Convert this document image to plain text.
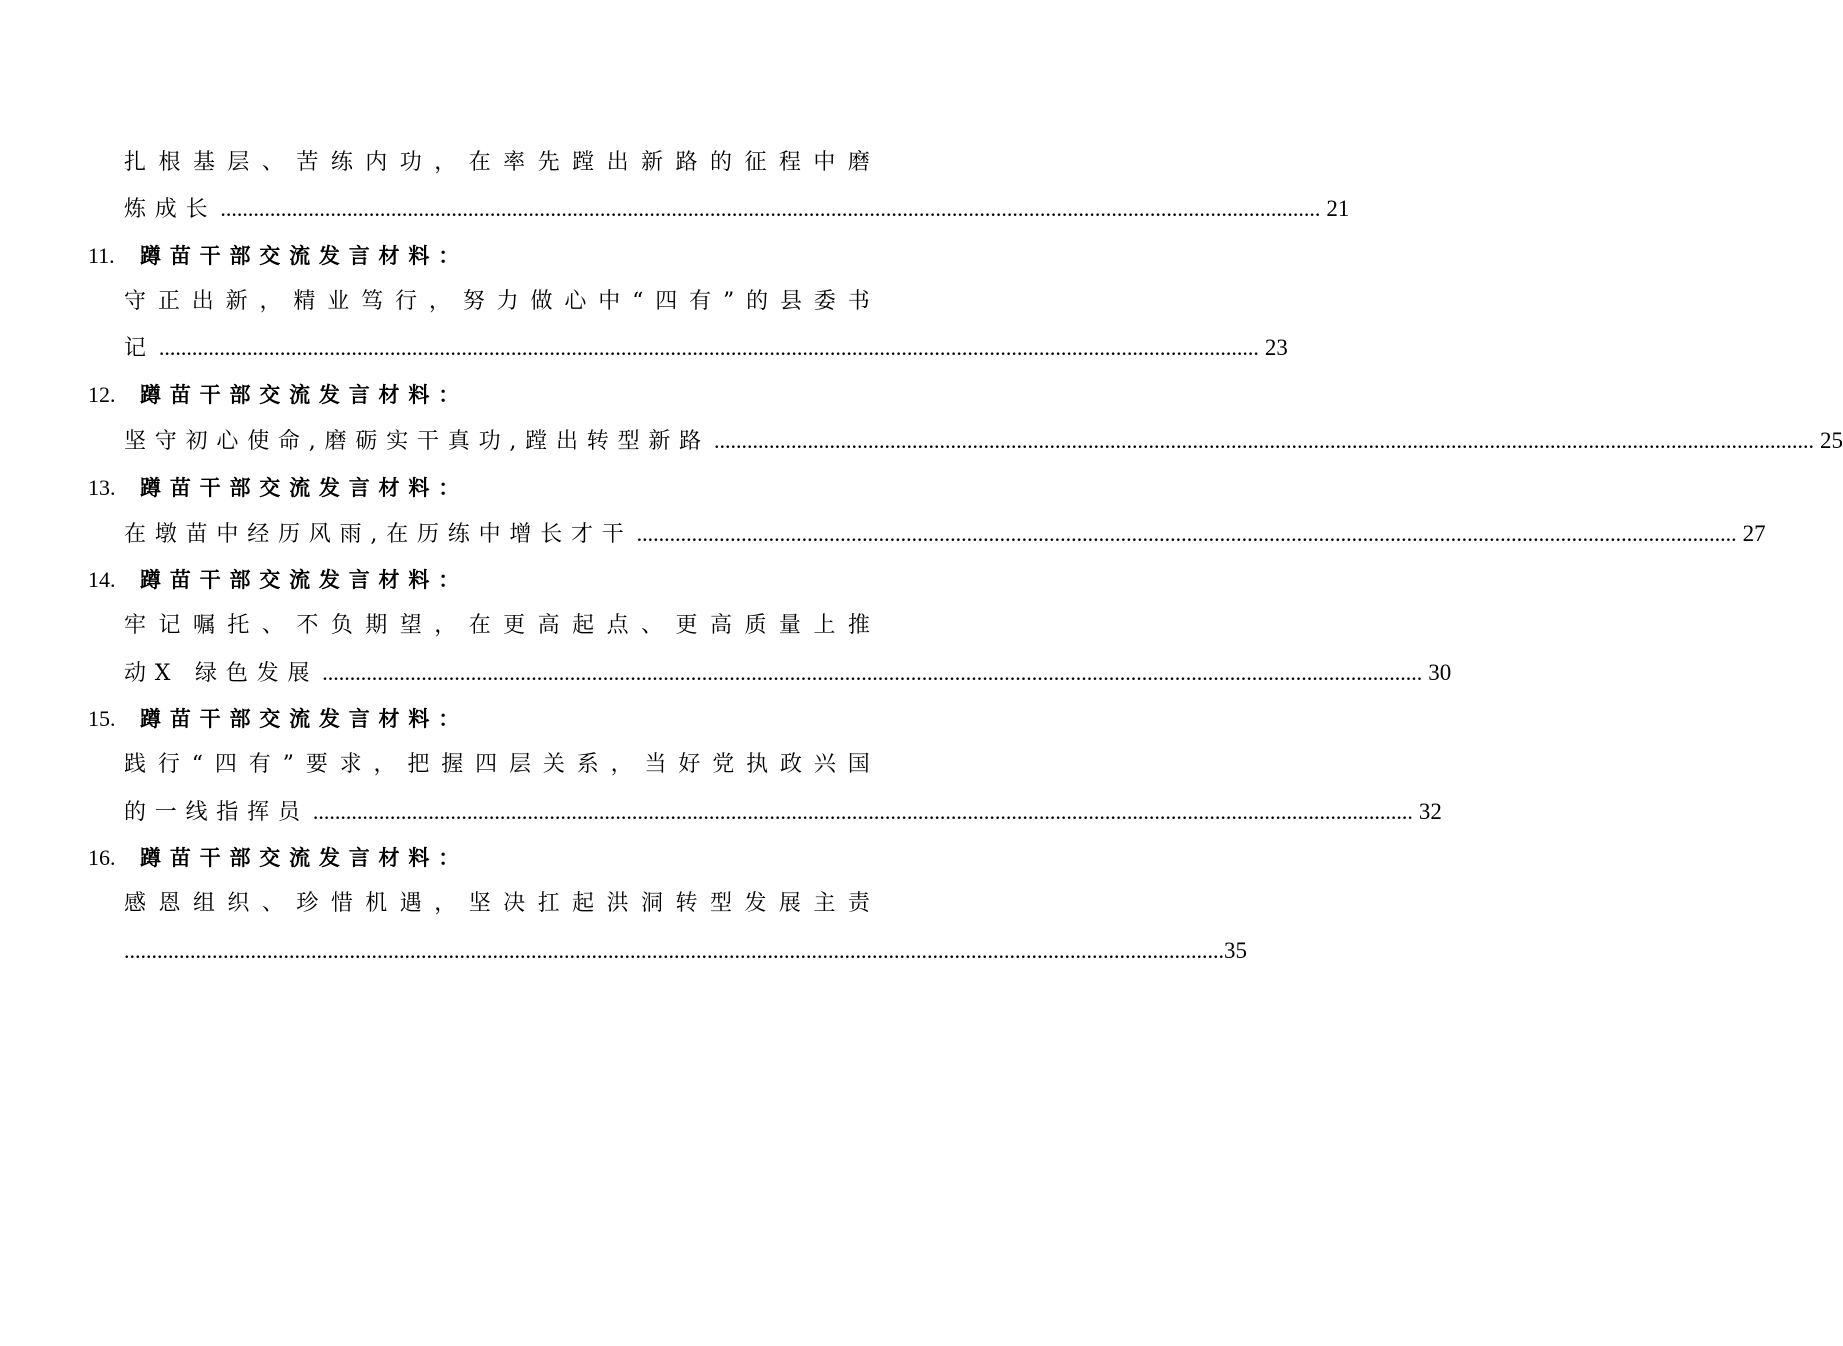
扎 根 基 层 、 苦 练 内 功 ， 在 率 先 蹚 出 新 路 的 征 程 中 磨
炼成长 ........................................................................................................................................................................................................ 21
11. 蹲苗干部交流发言材料：
守 正 出 新 ， 精 业 笃 行 ， 努 力 做 心 中 “ 四 有 ” 的 县 委 书
记 ........................................................................................................................................................................................................ 23
12. 蹲苗干部交流发言材料：
坚守初心使命,磨砺实干真功,蹚出转型新路 ........................................................................................................................................................................................................ 25
13. 蹲苗干部交流发言材料：
在墩苗中经历风雨,在历练中增长才干 ........................................................................................................................................................................................................ 27
14. 蹲苗干部交流发言材料：
牢 记 嘱 托 、 不 负 期 望 ， 在 更 高 起 点 、 更 高 质 量 上 推
动X 绿色发展 ........................................................................................................................................................................................................ 30
15. 蹲苗干部交流发言材料：
践 行 “ 四 有 ” 要 求 ， 把 握 四 层 关 系 ， 当 好 党 执 政 兴 国
的一线指挥员 ........................................................................................................................................................................................................ 32
16. 蹲苗干部交流发言材料：
感 恩 组 织 、 珍 惜 机 遇 ， 坚 决 扛 起 洪 洞 转 型 发 展 主 责
........................................................................................................................................................................................................ 35
